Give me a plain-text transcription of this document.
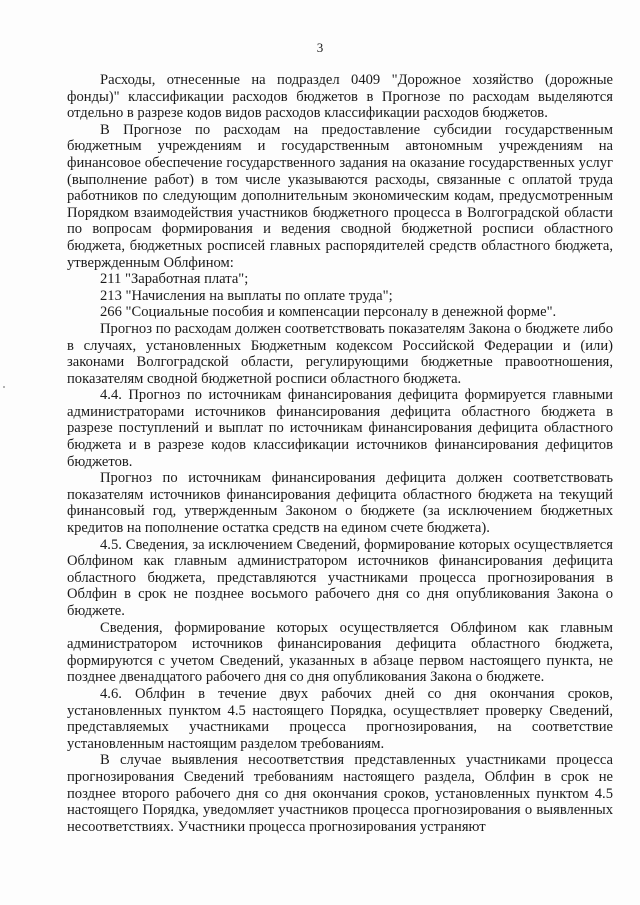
3

Расходы, отнесенные на подраздел 0409 "Дорожное хозяйство (дорожные фонды)" классификации расходов бюджетов в Прогнозе по расходам выделяются отдельно в разрезе кодов видов расходов классификации расходов бюджетов.

В Прогнозе по расходам на предоставление субсидии государственным бюджетным учреждениям и государственным автономным учреждениям на финансовое обеспечение государственного задания на оказание государственных услуг (выполнение работ) в том числе указываются расходы, связанные с оплатой труда работников по следующим дополнительным экономическим кодам, предусмотренным Порядком взаимодействия участников бюджетного процесса в Волгоградской области по вопросам формирования и ведения сводной бюджетной росписи областного бюджета, бюджетных росписей главных распорядителей средств областного бюджета, утвержденным Облфином:

211 "Заработная плата";

213 "Начисления на выплаты по оплате труда";

266 "Социальные пособия и компенсации персоналу в денежной форме".

Прогноз по расходам должен соответствовать показателям Закона о бюджете либо в случаях, установленных Бюджетным кодексом Российской Федерации и (или) законами Волгоградской области, регулирующими бюджетные правоотношения, показателям сводной бюджетной росписи областного бюджета.

4.4. Прогноз по источникам финансирования дефицита формируется главными администраторами источников финансирования дефицита областного бюджета в разрезе поступлений и выплат по источникам финансирования дефицита областного бюджета и в разрезе кодов классификации источников финансирования дефицитов бюджетов.

Прогноз по источникам финансирования дефицита должен соответствовать показателям источников финансирования дефицита областного бюджета на текущий финансовый год, утвержденным Законом о бюджете (за исключением бюджетных кредитов на пополнение остатка средств на едином счете бюджета).

4.5. Сведения, за исключением Сведений, формирование которых осуществляется Облфином как главным администратором источников финансирования дефицита областного бюджета, представляются участниками процесса прогнозирования в Облфин в срок не позднее восьмого рабочего дня со дня опубликования Закона о бюджете.

Сведения, формирование которых осуществляется Облфином как главным администратором источников финансирования дефицита областного бюджета, формируются с учетом Сведений, указанных в абзаце первом настоящего пункта, не позднее двенадцатого рабочего дня со дня опубликования Закона о бюджете.

4.6. Облфин в течение двух рабочих дней со дня окончания сроков, установленных пунктом 4.5 настоящего Порядка, осуществляет проверку Сведений, представляемых участниками процесса прогнозирования, на соответствие установленным настоящим разделом требованиям.

В случае выявления несоответствия представленных участниками процесса прогнозирования Сведений требованиям настоящего раздела, Облфин в срок не позднее второго рабочего дня со дня окончания сроков, установленных пунктом 4.5 настоящего Порядка, уведомляет участников процесса прогнозирования о выявленных несоответствиях. Участники процесса прогнозирования устраняют
